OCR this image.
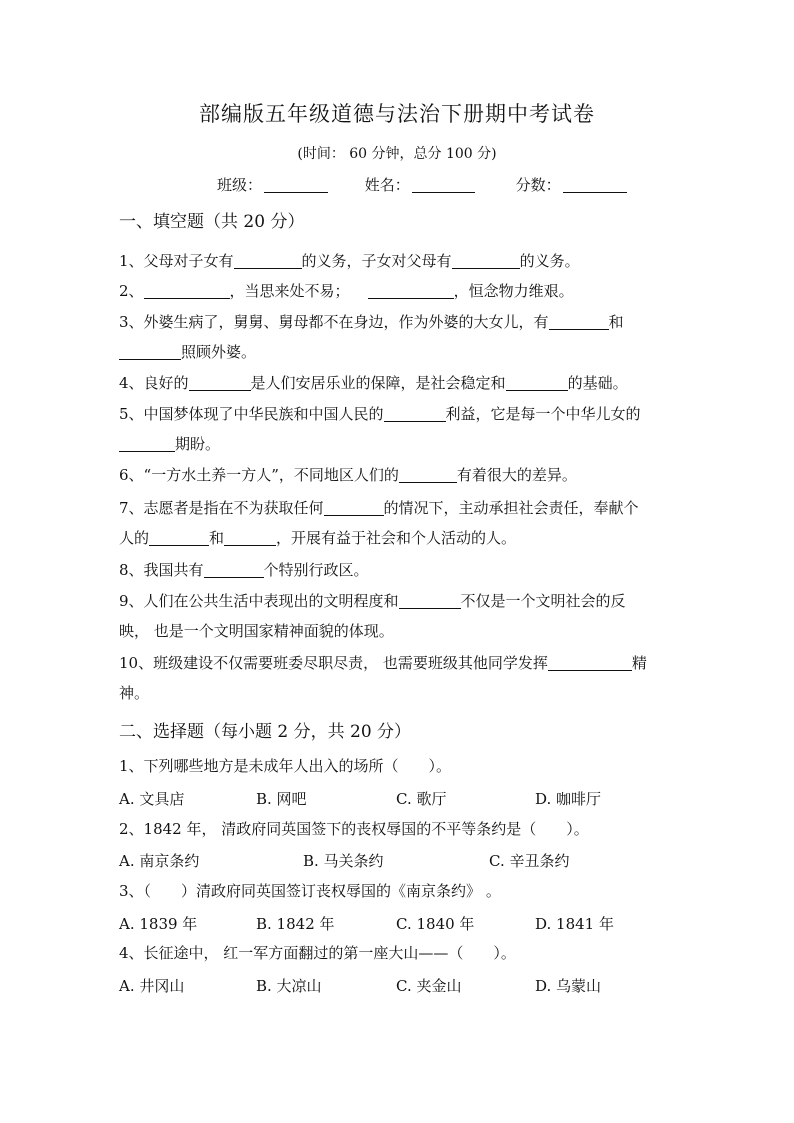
部编版五年级道德与法治下册期中考试卷
(时间： 60 分钟，总分 100 分)
班级：	姓名：	分数：
一、填空题（共 20 分）
1、父母对子女有	的义务，子女对父母有	的义务。
2、	，当思来处不易；	，恒念物力维艰。
3、外婆生病了，舅舅、舅母都不在身边，作为外婆的大女儿，有	和
照顾外婆。
4、良好的	是人们安居乐业的保障，是社会稳定和	的基础。
5、中国梦体现了中华民族和中国人民的	利益，它是每一个中华儿女的
期盼。
6、“一方水土养一方人”，不同地区人们的	有着很大的差异。
7、志愿者是指在不为获取任何	的情况下，主动承担社会责任，奉献个
人的	和	，开展有益于社会和个人活动的人。
8、我国共有	个特别行政区。
9、人们在公共生活中表现出的文明程度和	不仅是一个文明社会的反
映， 也是一个文明国家精神面貌的体现。
10、班级建设不仅需要班委尽职尽责， 也需要班级其他同学发挥	精
神。
二、选择题（每小题 2 分，共 20 分）
1、下列哪些地方是未成年人出入的场所（　　）。
A. 文具店	B. 网吧	C. 歌厅	D. 咖啡厅
2、1842 年， 清政府同英国签下的丧权辱国的不平等条约是（　　）。
A. 南京条约	B. 马关条约	C. 辛丑条约
3、（　　）清政府同英国签订丧权辱国的《南京条约》 。
A. 1839 年	B. 1842 年	C. 1840 年	D. 1841 年
4、长征途中， 红一军方面翻过的第一座大山——（　　）。
A. 井冈山	B. 大凉山	C. 夹金山	D. 乌蒙山
